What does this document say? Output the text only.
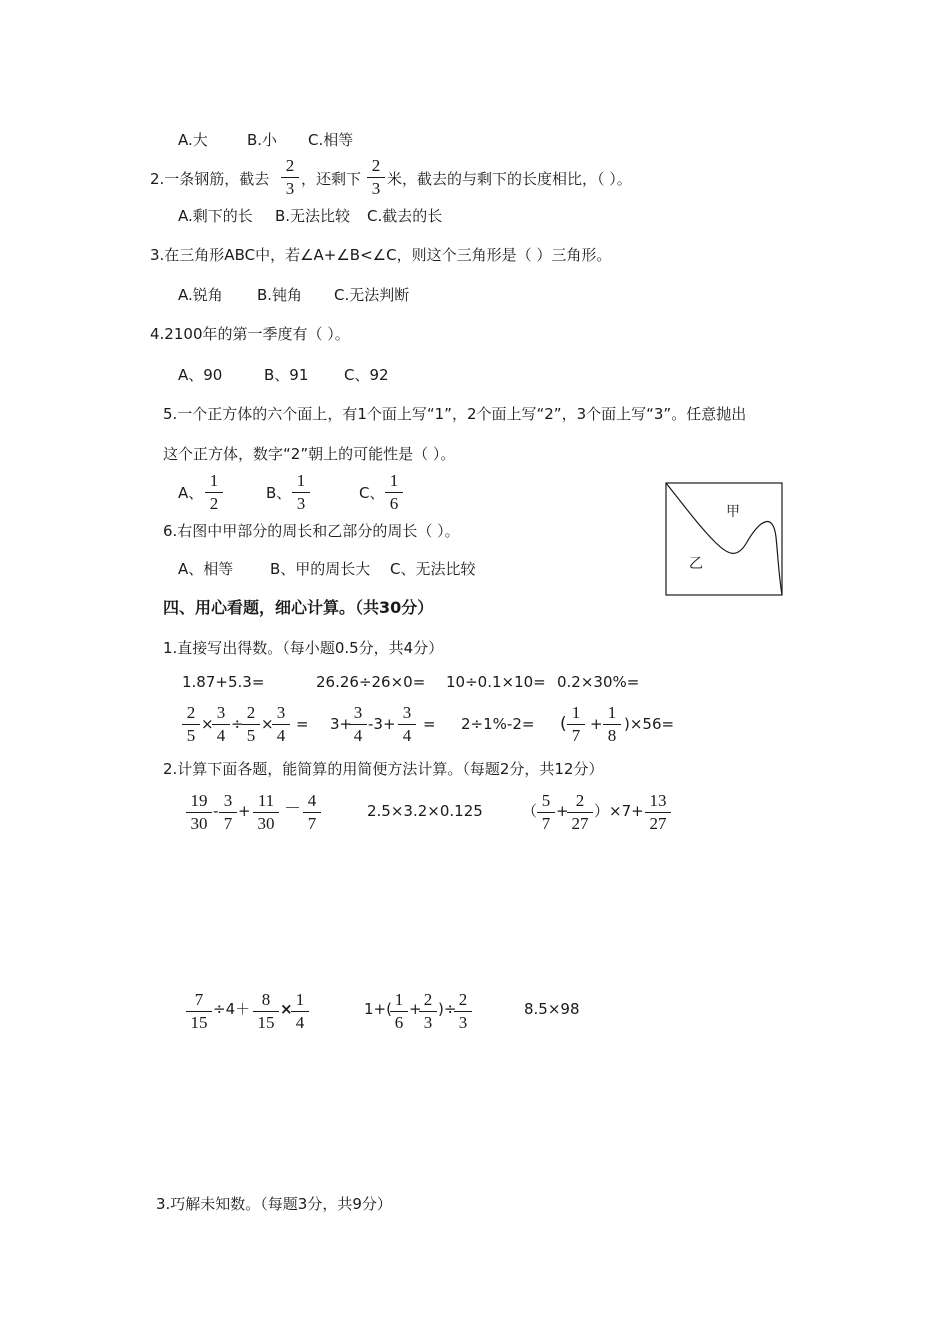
A.大	B.小 C.相等
2.一条钢筋，截去
2
3 ，还剩下
2
3 米，截去的与剩下的长度相比，（ ）。
A.剩下的长 B.无法比较 C.截去的长
3.在三角形ABC中，若∠A+∠B<∠C，则这个三角形是（ ）三角形。
A.锐角 B.钝角 C.无法判断
4.2100年的第一季度有（ ）。
A、90	B、91 C、92
5.一个正方体的六个面上，有1个面上写“1”，2个面上写“2”，3个面上写“3”。任意抛出
这个正方体，数字“2”朝上的可能性是（ ）。
A、
1
2
B、
1
3
C、
1
6
6.右图中甲部分的周长和乙部分的周长（ ）。
A、相等 B、甲的周长大 C、无法比较
甲
乙
四、用心看题，细心计算。（共30分）
1.直接写出得数。（每小题0.5分，共4分）
1.87+5.3=	26.26÷26×0= 10÷0.1×10= 0.2×30%=
2
5
×
3
4
÷
2
5
×
3
4
= 3+
3
4
-3+
3
4
= 2÷1%-2= (
1
7
+
1
8
)×56=
2.计算下面各题，能简算的用简便方法计算。（每题2分，共12分）
19
30
-
3
7
+
11
30
－ 4
7
2.5×3.2×0.125	（
5
7
+
2
27
）×7+
13
27
7
15
÷4＋ 8
15
× 1
4
1+( 1
6
+ 2
3
)÷ 2
3
8.5×98
3.巧解未知数。（每题3分，共9分）
